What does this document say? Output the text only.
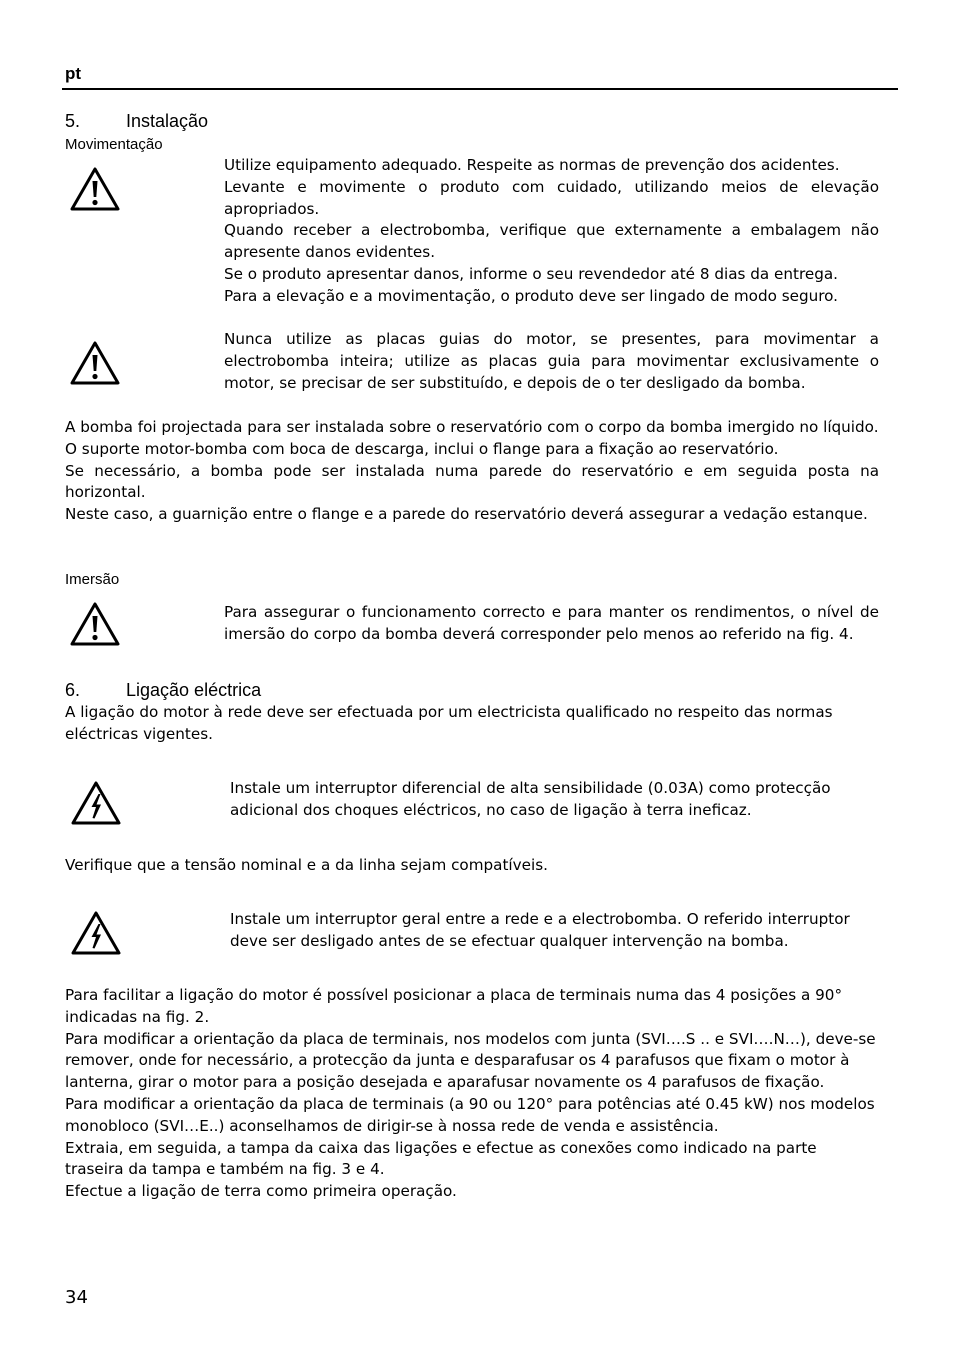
pt
5.	Instalação
Movimentação

Utilize equipamento adequado. Respeite as normas de prevenção dos acidentes.

Levante e movimente o produto com cuidado, utilizando meios de elevação apropriados.

Quando receber a electrobomba, verifique que externamente a embalagem não apresente danos evidentes.

Se o produto apresentar danos, informe o seu revendedor até 8 dias da entrega.

Para a elevação e a movimentação, o produto deve ser lingado de modo seguro.

Nunca utilize as placas guias do motor, se presentes, para movimentar a electrobomba inteira; utilize as placas guia para movimentar exclusivamente o motor, se precisar de ser substituído, e depois de o ter desligado da bomba.

A bomba foi projectada para ser instalada sobre o reservatório com o corpo da bomba imergido no líquido.

O suporte motor-bomba com boca de descarga, inclui o flange para a fixação ao reservatório.

Se necessário, a bomba pode ser instalada numa parede do reservatório e em seguida posta na horizontal.

Neste caso, a guarnição entre o flange e a parede do reservatório deverá assegurar a vedação estanque.

Imersão

Para assegurar o funcionamento correcto e para manter os rendimentos, o nível de imersão do corpo da bomba deverá corresponder pelo menos ao referido na fig. 4.

6.	Ligação eléctrica

A ligação do motor à rede deve ser efectuada por um electricista qualificado no respeito das normas eléctricas vigentes.

Instale um interruptor diferencial de alta sensibilidade (0.03A) como protecção adicional dos choques eléctricos, no caso de ligação à terra ineficaz.

Verifique que a tensão nominal e a da linha sejam compatíveis.

Instale um interruptor geral entre a rede e a electrobomba. O referido interruptor deve ser desligado antes de se efectuar qualquer intervenção na bomba.

Para facilitar a ligação do motor é possível posicionar a placa de terminais numa das 4 posições a 90° indicadas na fig. 2.

Para modificar a orientação da placa de terminais, nos modelos com junta (SVI….S .. e SVI….N…), deve-se remover, onde for necessário, a protecção da junta e desparafusar os 4 parafusos que fixam o motor à lanterna, girar o motor para a posição desejada e aparafusar novamente os 4 parafusos de fixação.

Para modificar a orientação da placa de terminais (a 90 ou 120° para potências até 0.45 kW) nos modelos monobloco (SVI…E..) aconselhamos de dirigir-se à nossa rede de venda e assistência.

Extraia, em seguida, a tampa da caixa das ligações e efectue as conexões como indicado na parte traseira da tampa e também na fig. 3 e 4.

Efectue a ligação de terra como primeira operação.

34
